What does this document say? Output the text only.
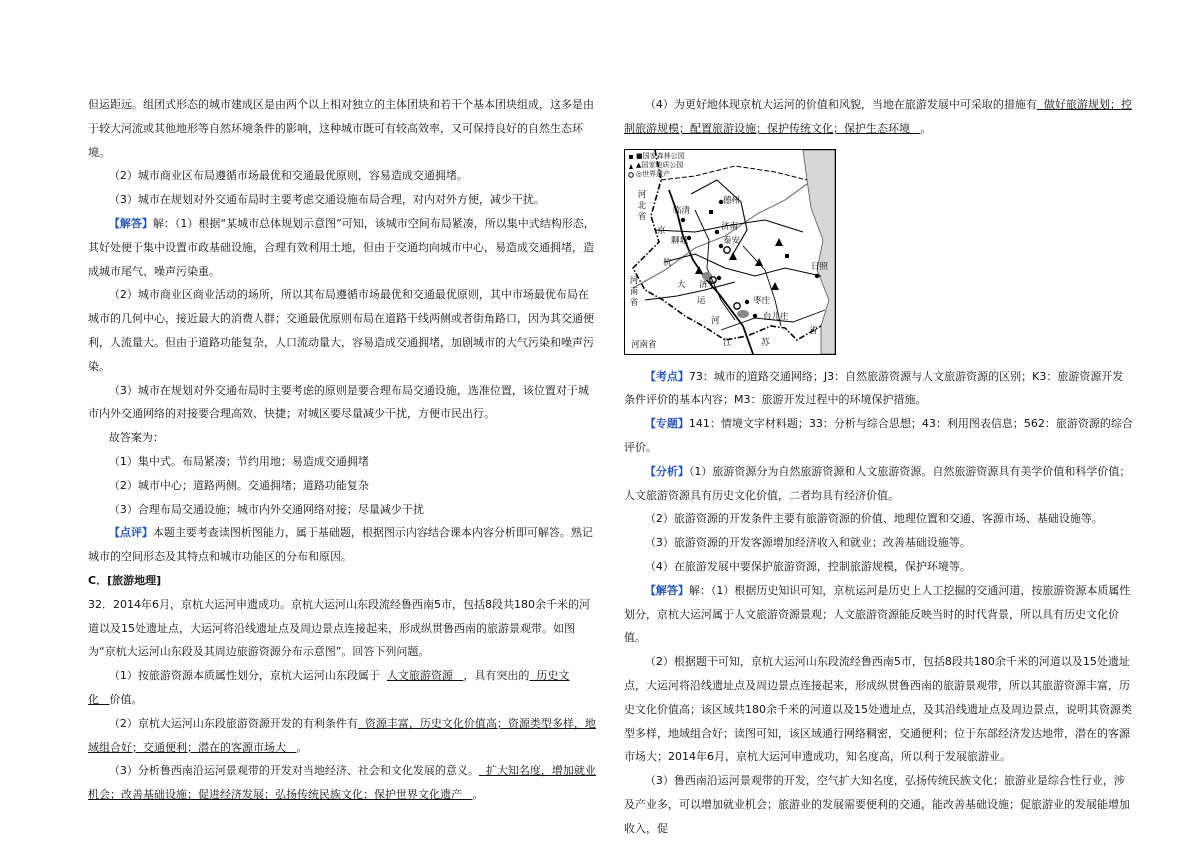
但运距远。组团式形态的城市建成区是由两个以上相对独立的主体团块和若干个基本团块组成，这多是由于较大河流或其他地形等自然环境条件的影响，这种城市既可有较高效率，又可保持良好的自然生态环境。

（2）城市商业区布局遵循市场最优和交通最优原则，容易造成交通拥堵。

（3）城市在规划对外交通布局时主要考虑交通设施布局合理，对内对外方便，减少干扰。

【解答】解：（1）根据“某城市总体规划示意图”可知，该城市空间布局紧凑，所以集中式结构形态，其好处便于集中设置市政基础设施，合理有效利用土地，但由于交通均向城市中心，易造成交通拥堵，造成城市尾气、噪声污染重。

（2）城市商业区商业活动的场所，所以其布局遵循市场最优和交通最优原则，其中市场最优布局在城市的几何中心，接近最大的消费人群；交通最优原则布局在道路干线两侧或者街角路口，因为其交通便利，人流量大。但由于道路功能复杂，人口流动量大，容易造成交通拥堵，加剧城市的大气污染和噪声污染。

（3）城市在规划对外交通布局时主要考虑的原则是要合理布局交通设施，选准位置，该位置对于城市内外交通网络的对接要合理高效、快捷；对城区要尽量减少干扰，方便市民出行。

故答案为：

（1）集中式。布局紧凑；节约用地；易造成交通拥堵

（2）城市中心；道路两侧。交通拥堵；道路功能复杂

（3）合理布局交通设施；城市内外交通网络对接；尽量减少干扰

【点评】本题主要考查读图析图能力，属于基础题，根据图示内容结合课本内容分析即可解答。熟记城市的空间形态及其特点和城市功能区的分布和原因。

C．[旅游地理]

32．2014年6月，京杭大运河申遗成功。京杭大运河山东段流经鲁西南5市，包括8段共180余千米的河道以及15处遗址点，大运河将沿线遗址点及周边景点连接起来，形成纵贯鲁西南的旅游景观带。如图为“京杭大运河山东段及其周边旅游资源分布示意图”。回答下列问题。

（1）按旅游资源本质属性划分，京杭大运河山东段属于 人文旅游资源 ，具有突出的 历史文化 价值。

（2）京杭大运河山东段旅游资源开发的有利条件有 资源丰富，历史文化价值高；资源类型多样，地域组合好；交通便利；潜在的客源市场大 。

（3）分析鲁西南沿运河景观带的开发对当地经济、社会和文化发展的意义。 扩大知名度，增加就业机会；改善基础设施；促进经济发展；弘扬传统民族文化；保护世界文化遗产 。

（4）为更好地体现京杭大运河的价值和风貌，当地在旅游发展中可采取的措施有 做好旅游规划；控制旅游规模；配置旅游设施；保护传统文化；保护生态环境 。

■国家森林公园
▲国家地质公园
◎世界遗产
河北省
河南省
河南省
德州
临清
京
聊城
济南
泰安
杭
大 济宁
运
河
日照
枣庄
台儿庄
江	苏
省

【考点】73：城市的道路交通网络；J3：自然旅游资源与人文旅游资源的区别；K3：旅游资源开发条件评价的基本内容；M3：旅游开发过程中的环境保护措施。

【专题】141：情境文字材料题；33：分析与综合思想；43：利用图表信息；562：旅游资源的综合评价。

【分析】（1）旅游资源分为自然旅游资源和人文旅游资源。自然旅游资源具有美学价值和科学价值；人文旅游资源具有历史文化价值，二者均具有经济价值。

（2）旅游资源的开发条件主要有旅游资源的价值、地理位置和交通、客源市场、基础设施等。

（3）旅游资源的开发客源增加经济收入和就业；改善基础设施等。

（4）在旅游发展中要保护旅游资源，控制旅游规模，保护环境等。

【解答】解：（1）根据历史知识可知，京杭运河是历史上人工挖掘的交通河道，按旅游资源本质属性划分，京杭大运河属于人文旅游资源景观；人文旅游资源能反映当时的时代背景，所以具有历史文化价值。

（2）根据题干可知，京杭大运河山东段流经鲁西南5市，包括8段共180余千米的河道以及15处遗址点，大运河将沿线遗址点及周边景点连接起来，形成纵贯鲁西南的旅游景观带，所以其旅游资源丰富，历史文化价值高；该区域共180余千米的河道以及15处遗址点，及其沿线遗址点及周边景点，说明其资源类型多样，地域组合好；读图可知，该区域通行网络稠密，交通便利；位于东部经济发达地带，潜在的客源市场大；2014年6月，京杭大运河申遗成功，知名度高，所以利于发展旅游业。

（3）鲁西南沿运河景观带的开发，空气扩大知名度，弘扬传统民族文化；旅游业是综合性行业，涉及产业多，可以增加就业机会；旅游业的发展需要便利的交通，能改善基础设施；促旅游业的发展能增加收入，促
